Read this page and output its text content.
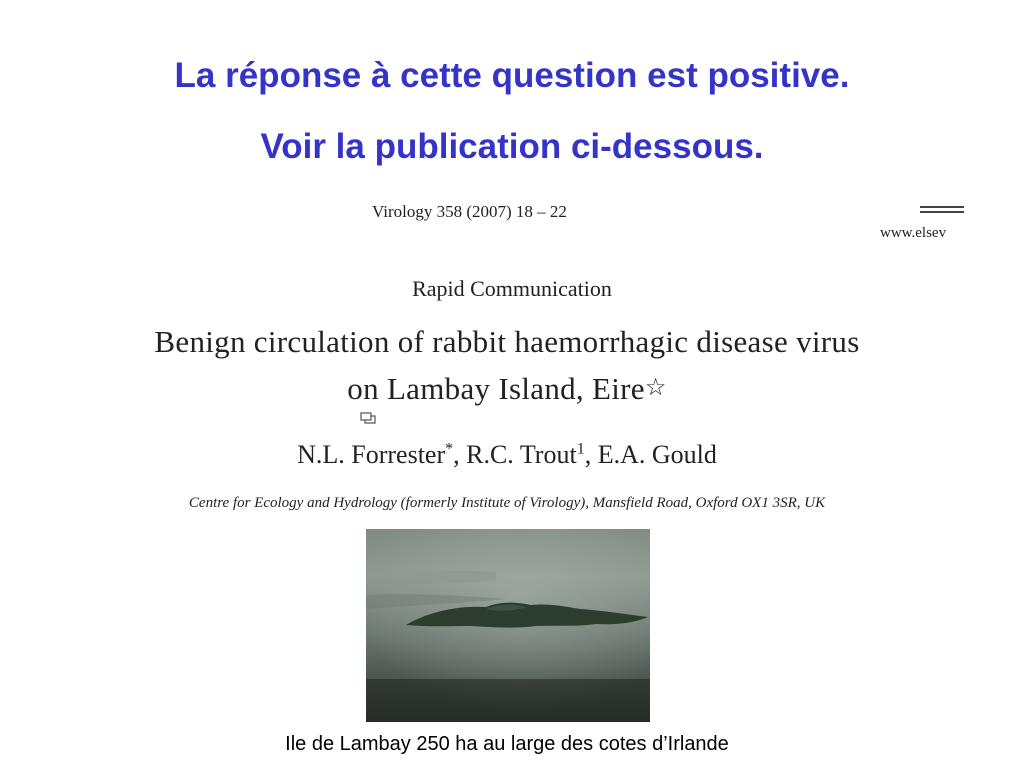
La réponse à cette question est positive.
Voir la publication ci-dessous.
Virology 358 (2007) 18 – 22
www.elsev
Rapid Communication
Benign circulation of rabbit haemorrhagic disease virus
on Lambay Island, Eire☆
N.L. Forrester*, R.C. Trout$^1$, E.A. Gould
Centre for Ecology and Hydrology (formerly Institute of Virology), Mansfield Road, Oxford OX1 3SR, UK
Ile de Lambay 250 ha au large des cotes d’Irlande
